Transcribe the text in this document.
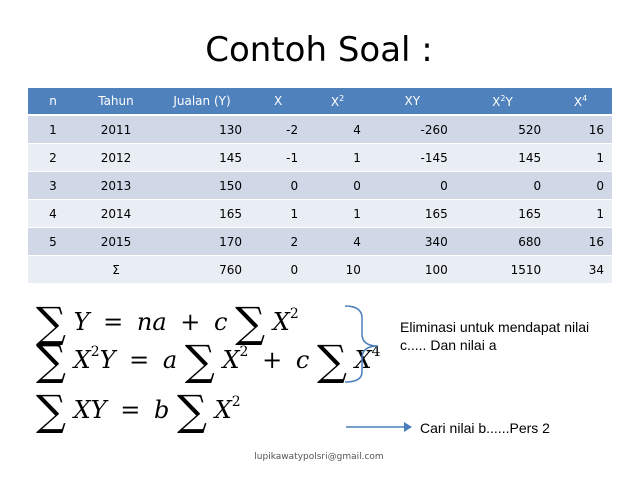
Contoh Soal :
n	Tahun	Jualan (Y)	X	$X^2$	XY	$X^2Y$	$X^4$
1	2011	130	-2	4	-260	520	16
2	2012	145	-1	1	-145	145	1
3	2013	150	0	0	0	0	0
4	2014	165	1	1	165	165	1
5	2015	170	2	4	340	680	16
	Σ	760	0	10	100	1510	34
∑ Y = na + c ∑ $X^2$
∑ $X^2Y = a$ ∑ $X^2 + c$ ∑ $X^4$
∑ XY = b ∑ $X^2$
Eliminasi untuk mendapat nilai c..... Dan nilai a
Cari nilai b......Pers 2
lupikawatypolsri@gmail.com
